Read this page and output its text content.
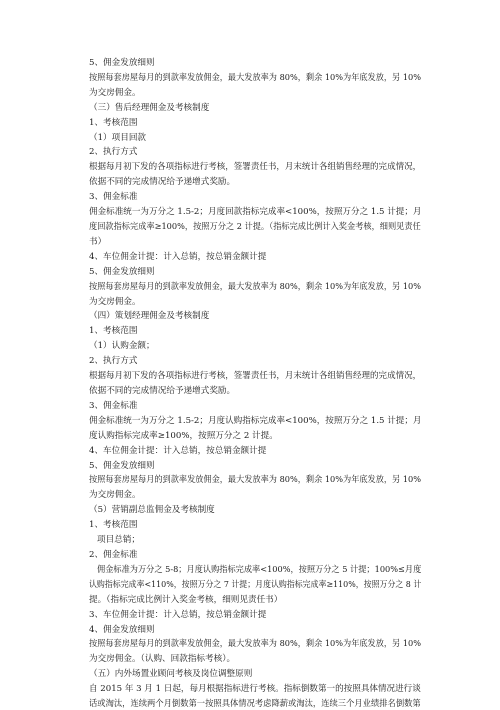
5、佣金发放细则
按照每套房屋每月的到款率发放佣金，最大发放率为 80%，剩余 10%为年底发放，另 10%
为交房佣金。
（三）售后经理佣金及考核制度
1、考核范围
（1）项目回款
2、执行方式
根据每月初下发的各项指标进行考核，签署责任书，月末统计各组销售经理的完成情况，
依据不同的完成情况给予递增式奖励。
3、佣金标准
佣金标准统一为万分之 1.5-2；月度回款指标完成率<100%，按照万分之 1.5 计提；月
度回款指标完成率≥100%，按照万分之 2 计提。（指标完成比例计入奖金考核，细则见责任
书）
4、车位佣金计提：计入总销，按总销金额计提
5、佣金发放细则
按照每套房屋每月的到款率发放佣金，最大发放率为 80%，剩余 10%为年底发放，另 10%
为交房佣金。
（四）策划经理佣金及考核制度
1、考核范围
（1）认购金额；
2、执行方式
根据每月初下发的各项指标进行考核，签署责任书，月末统计各组销售经理的完成情况，
依据不同的完成情况给予递增式奖励。
3、佣金标准
佣金标准统一为万分之 1.5-2；月度认购指标完成率<100%，按照万分之 1.5 计提；月
度认购指标完成率≥100%，按照万分之 2 计提。
4、车位佣金计提：计入总销，按总销金额计提
5、佣金发放细则
按照每套房屋每月的到款率发放佣金，最大发放率为 80%，剩余 10%为年底发放，另 10%
为交房佣金。
（5）营销副总监佣金及考核制度
1、考核范围
项目总销；
2、佣金标准
佣金标准为万分之 5-8；月度认购指标完成率<100%，按照万分之 5 计提；100%≤月度
认购指标完成率<110%，按照万分之 7 计提；月度认购指标完成率≥110%，按照万分之 8 计
提。（指标完成比例计入奖金考核，细则见责任书）
3、车位佣金计提：计入总销，按总销金额计提
4、佣金发放细则
按照每套房屋每月的到款率发放佣金，最大发放率为 80%，剩余 10%为年底发放，另 10%
为交房佣金。（认购、回款指标考核）。
（五）内外场置业顾问考核及岗位调整原则
自 2015 年 3 月 1 日起，每月根据指标进行考核。指标倒数第一的按照具体情况进行谈
话或淘汰，连续两个月倒数第一按照具体情况考虑降薪或淘汰，连续三个月业绩排名倒数第
